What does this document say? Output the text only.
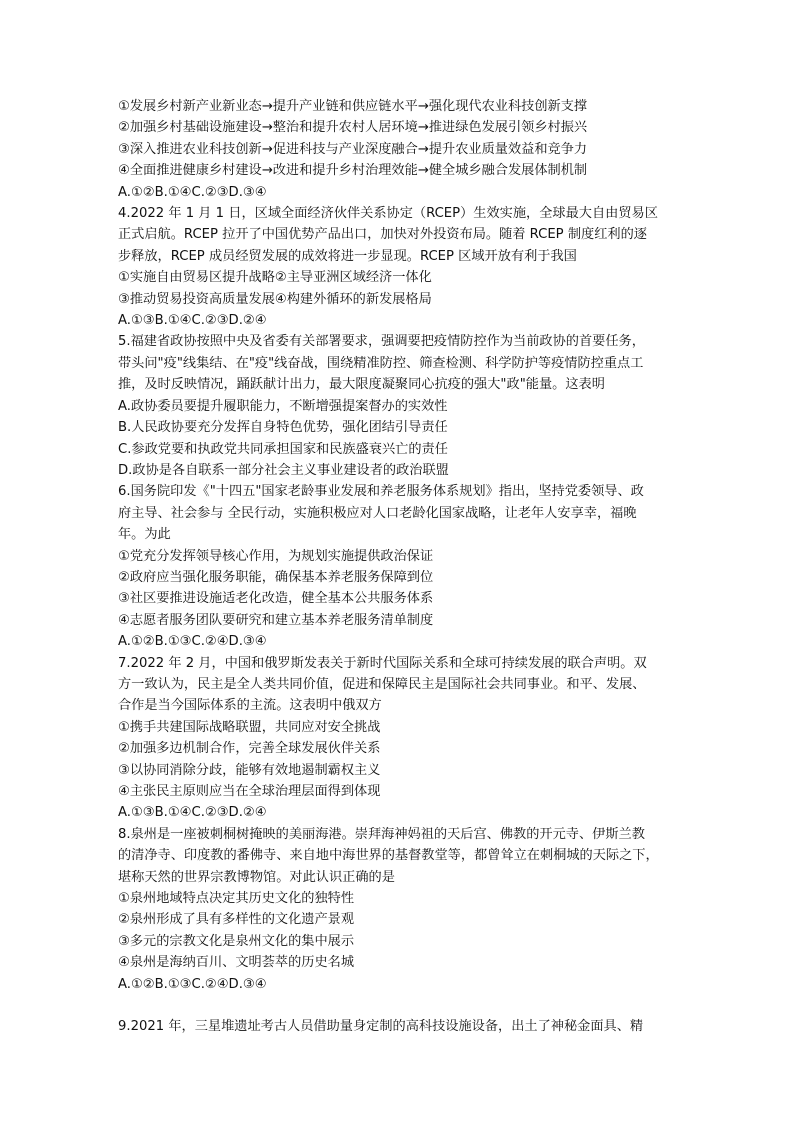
①发展乡村新产业新业态→提升产业链和供应链水平→强化现代农业科技创新支撑
②加强乡村基础设施建设→整治和提升农村人居环境→推进绿色发展引领乡村振兴
③深入推进农业科技创新→促进科技与产业深度融合→提升农业质量效益和竞争力
④全面推进健康乡村建设→改进和提升乡村治理效能→健全城乡融合发展体制机制
A.①②B.①④C.②③D.③④
4.2022 年 1 月 1 日，区域全面经济伙伴关系协定（RCEP）生效实施，全球最大自由贸易区
正式启航。RCEP 拉开了中国优势产品出口，加快对外投资布局。随着 RCEP 制度红利的逐
步释放，RCEP 成员经贸发展的成效将进一步显现。RCEP 区域开放有利于我国
①实施自由贸易区提升战略②主导亚洲区域经济一体化
③推动贸易投资高质量发展④构建外循环的新发展格局
A.①③B.①④C.②③D.②④
5.福建省政协按照中央及省委有关部署要求，强调要把疫情防控作为当前政协的首要任务，
带头问"疫"线集结、在"疫"线奋战，围绕精准防控、筛查检测、科学防护等疫情防控重点工
推，及时反映情况，踊跃献计出力，最大限度凝聚同心抗疫的强大"政"能量。这表明
A.政协委员要提升履职能力，不断增强提案督办的实效性
B.人民政协要充分发挥自身特色优势，强化团结引导责任
C.参政党要和执政党共同承担国家和民族盛衰兴亡的责任
D.政协是各自联系一部分社会主义事业建设者的政治联盟
6.国务院印发《"十四五"国家老龄事业发展和养老服务体系规划》指出，坚持党委领导、政
府主导、社会参与 全民行动，实施积极应对人口老龄化国家战略，让老年人安享幸，福晚
年。为此
①党充分发挥领导核心作用，为规划实施提供政治保证
②政府应当强化服务职能，确保基本养老服务保障到位
③社区要推进设施适老化改造，健全基本公共服务体系
④志愿者服务团队要研究和建立基本养老服务清单制度
A.①②B.①③C.②④D.③④
7.2022 年 2 月，中国和俄罗斯发表关于新时代国际关系和全球可持续发展的联合声明。双
方一致认为，民主是全人类共同价值，促进和保障民主是国际社会共同事业。和平、发展、
合作是当今国际体系的主流。这表明中俄双方
①携手共建国际战略联盟，共同应对安全挑战
②加强多边机制合作，完善全球发展伙伴关系
③以协同消除分歧，能够有效地遏制霸权主义
④主张民主原则应当在全球治理层面得到体现
A.①③B.①④C.②③D.②④
8.泉州是一座被刺桐树掩映的美丽海港。崇拜海神妈祖的天后宫、佛教的开元寺、伊斯兰教
的清净寺、印度教的番佛寺、来自地中海世界的基督教堂等，都曾耸立在刺桐城的天际之下，
堪称天然的世界宗教博物馆。对此认识正确的是
①泉州地域特点决定其历史文化的独特性
②泉州形成了具有多样性的文化遗产景观
③多元的宗教文化是泉州文化的集中展示
④泉州是海纳百川、文明荟萃的历史名城
A.①②B.①③C.②④D.③④
9.2021 年，三星堆遗址考古人员借助量身定制的高科技设施设备，出土了神秘金面具、精
